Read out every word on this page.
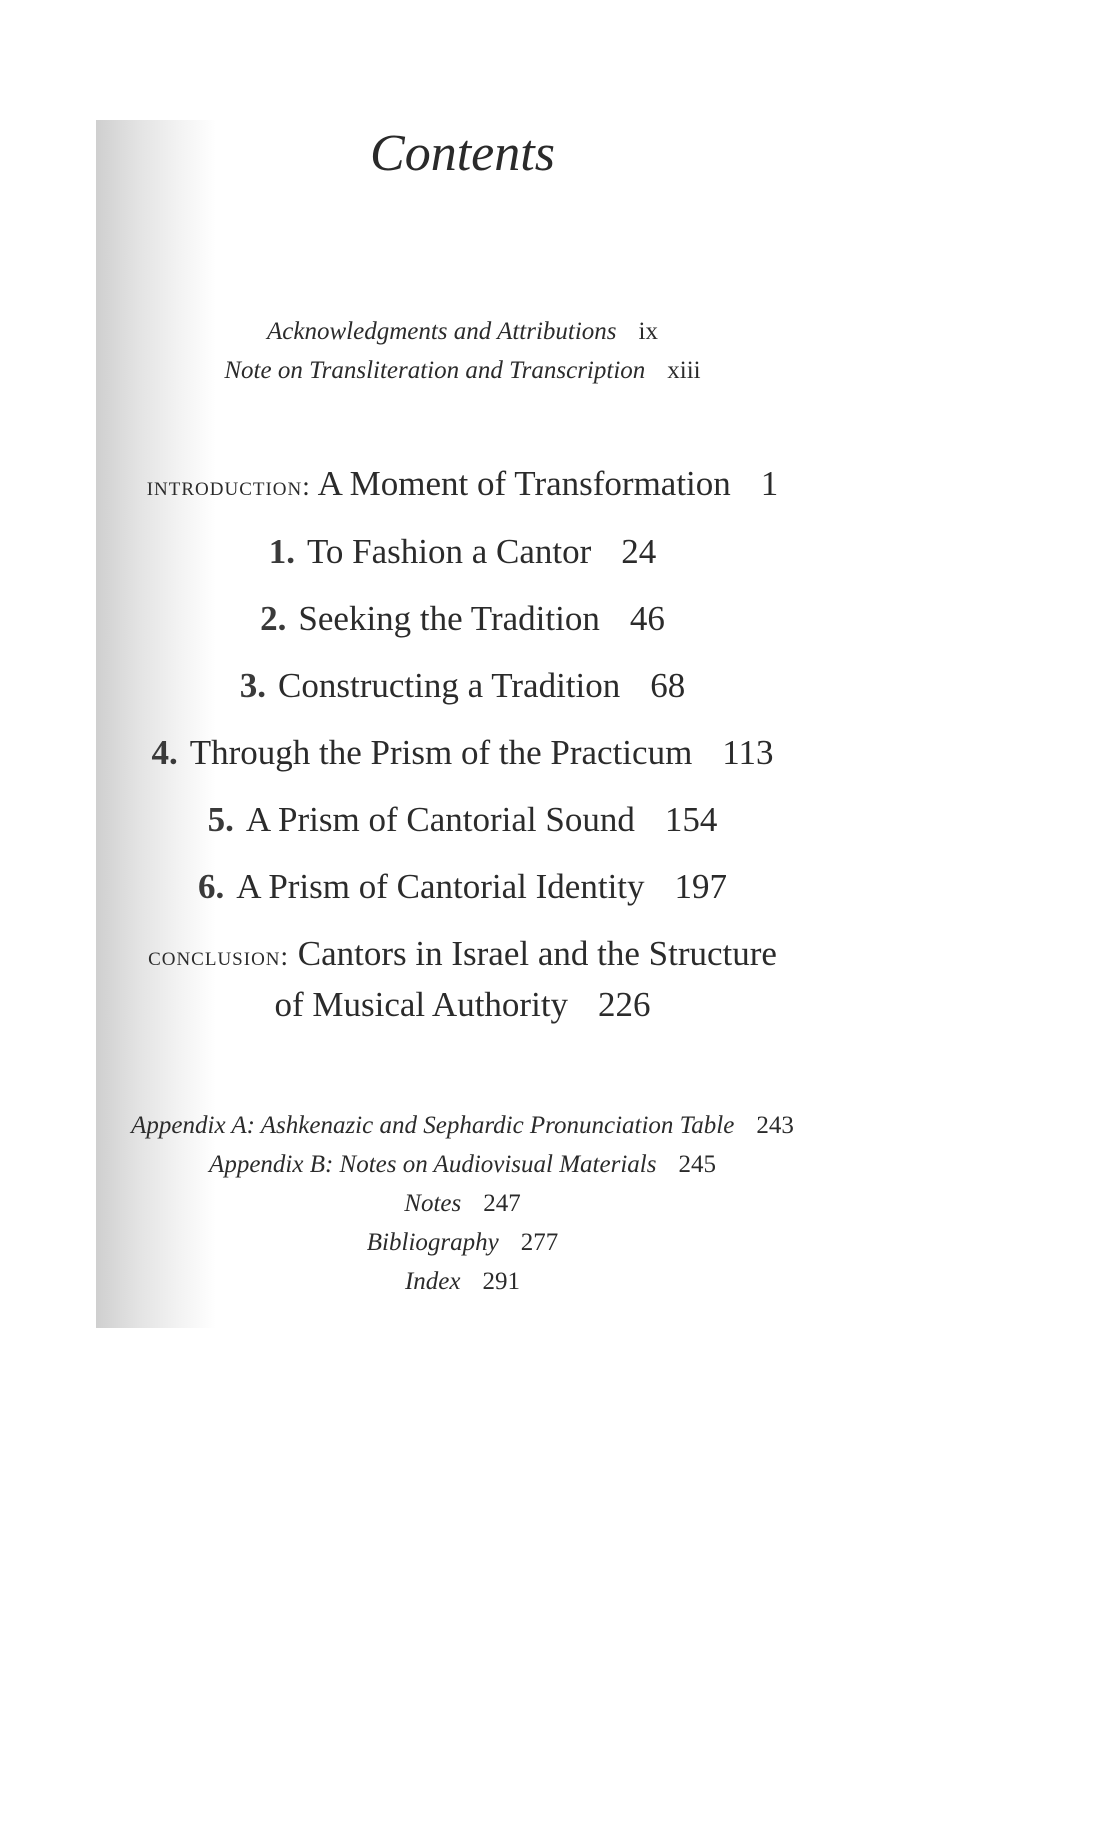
Contents
Acknowledgments and Attributions ix
Note on Transliteration and Transcription xiii
introduction: A Moment of Transformation 1
1. To Fashion a Cantor 24
2. Seeking the Tradition 46
3. Constructing a Tradition 68
4. Through the Prism of the Practicum 113
5. A Prism of Cantorial Sound 154
6. A Prism of Cantorial Identity 197
conclusion: Cantors in Israel and the Structure
of Musical Authority 226
Appendix A: Ashkenazic and Sephardic Pronunciation Table 243
Appendix B: Notes on Audiovisual Materials 245
Notes 247
Bibliography 277
Index 291
